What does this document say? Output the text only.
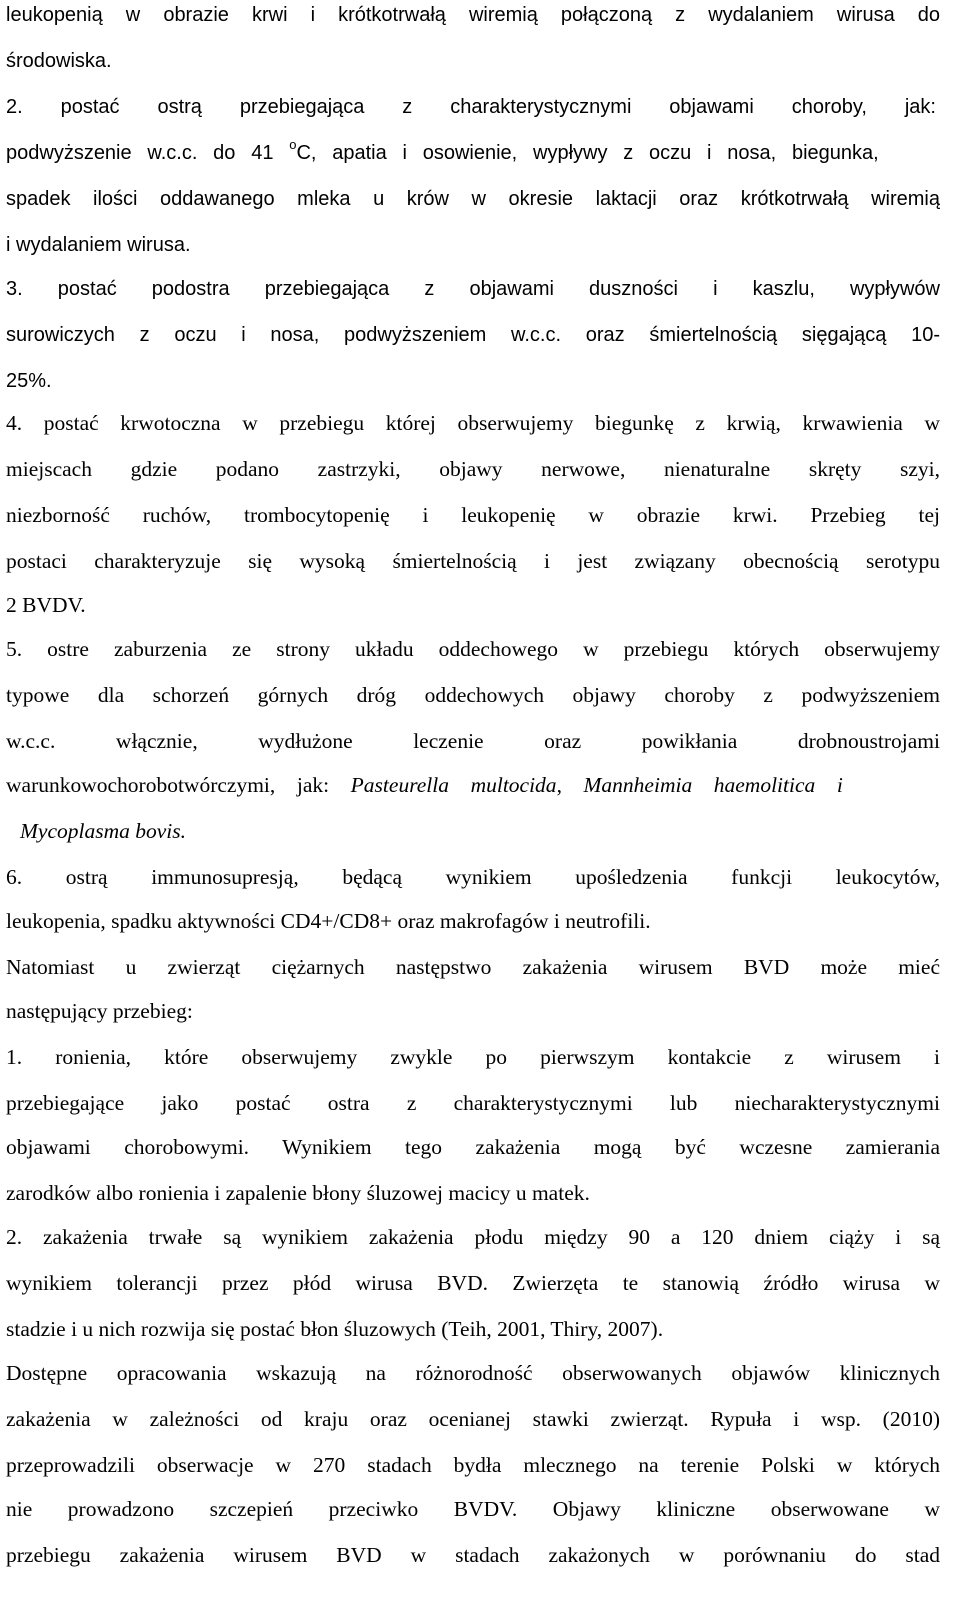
leukopenią w obrazie krwi i krótkotrwałą wiremią połączoną z wydalaniem wirusa do
środowiska.
2. postać ostrą przebiegająca z charakterystycznymi objawami choroby, jak:
podwyższenie w.c.c. do 41 $^o$C, apatia i osowienie, wypływy z oczu i nosa, biegunka,
spadek ilości oddawanego mleka u krów w okresie laktacji oraz krótkotrwałą wiremią
i wydalaniem wirusa.
3. postać podostra przebiegająca z objawami duszności i kaszlu, wypływów
surowiczych z oczu i nosa, podwyższeniem w.c.c. oraz śmiertelnością sięgającą 10-
25%.
4. postać krwotoczna w przebiegu której obserwujemy biegunkę z krwią, krwawienia w
miejscach gdzie podano zastrzyki, objawy nerwowe, nienaturalne skręty szyi,
niezborność ruchów, trombocytopenię i leukopenię w obrazie krwi. Przebieg tej
postaci charakteryzuje się wysoką śmiertelnością i jest związany obecnością serotypu
2 BVDV.
5. ostre zaburzenia ze strony układu oddechowego w przebiegu których obserwujemy
typowe dla schorzeń górnych dróg oddechowych objawy choroby z podwyższeniem
w.c.c. włącznie, wydłużone leczenie oraz powikłania drobnoustrojami
warunkowochorobotwórczymi, jak: Pasteurella multocida, Mannheimia haemolitica i
Mycoplasma bovis.
6. ostrą immunosupresją, będącą wynikiem upośledzenia funkcji leukocytów,
leukopenia, spadku aktywności CD4+/CD8+ oraz makrofagów i neutrofili.
Natomiast u zwierząt ciężarnych następstwo zakażenia wirusem BVD może mieć
następujący przebieg:
1. ronienia, które obserwujemy zwykle po pierwszym kontakcie z wirusem i
przebiegające jako postać ostra z charakterystycznymi lub niecharakterystycznymi
objawami chorobowymi. Wynikiem tego zakażenia mogą być wczesne zamierania
zarodków albo ronienia i zapalenie błony śluzowej macicy u matek.
2. zakażenia trwałe są wynikiem zakażenia płodu między 90 a 120 dniem ciąży i są
wynikiem tolerancji przez płód wirusa BVD. Zwierzęta te stanowią źródło wirusa w
stadzie i u nich rozwija się postać błon śluzowych (Teih, 2001, Thiry, 2007).
Dostępne opracowania wskazują na różnorodność obserwowanych objawów klinicznych
zakażenia w zależności od kraju oraz ocenianej stawki zwierząt. Rypuła i wsp. (2010)
przeprowadzili obserwacje w 270 stadach bydła mlecznego na terenie Polski w których
nie prowadzono szczepień przeciwko BVDV. Objawy kliniczne obserwowane w
przebiegu zakażenia wirusem BVD w stadach zakażonych w porównaniu do stad
